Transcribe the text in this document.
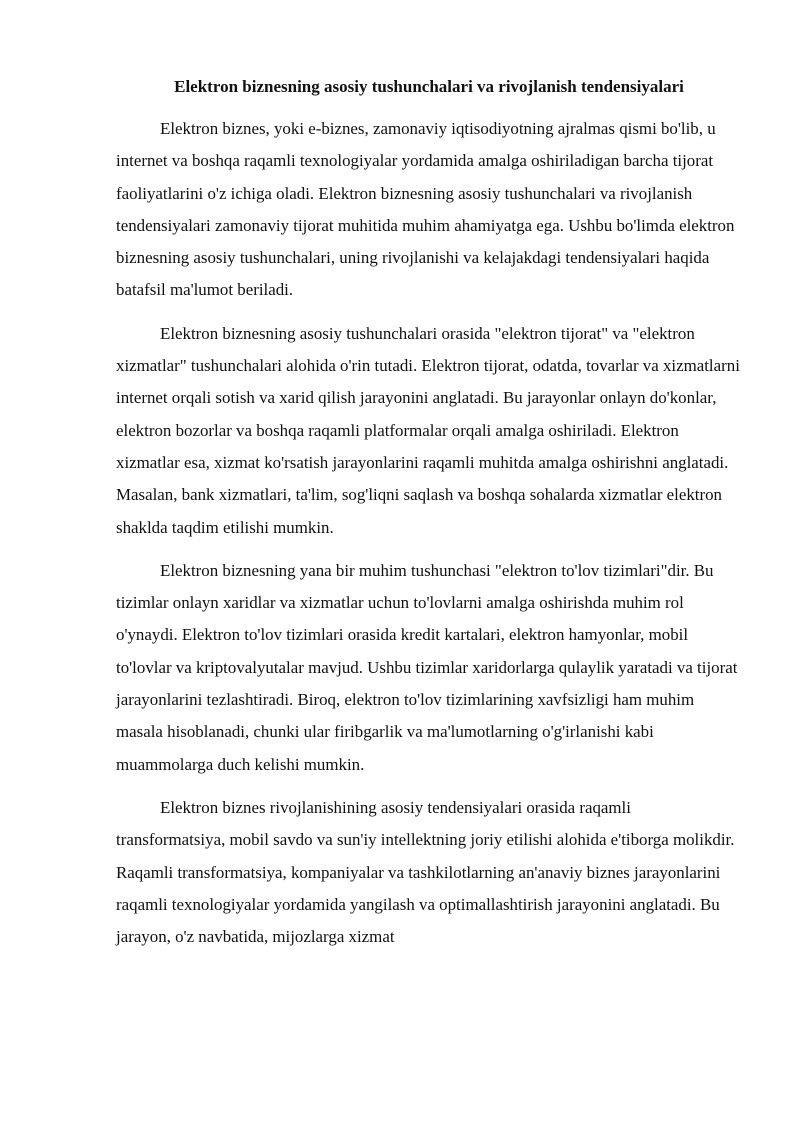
Elektron biznesning asosiy tushunchalari va rivojlanish tendensiyalari

Elektron biznes, yoki e-biznes, zamonaviy iqtisodiyotning ajralmas qismi bo'lib, u internet va boshqa raqamli texnologiyalar yordamida amalga oshiriladigan barcha tijorat faoliyatlarini o'z ichiga oladi. Elektron biznesning asosiy tushunchalari va rivojlanish tendensiyalari zamonaviy tijorat muhitida muhim ahamiyatga ega. Ushbu bo'limda elektron biznesning asosiy tushunchalari, uning rivojlanishi va kelajakdagi tendensiyalari haqida batafsil ma'lumot beriladi.

Elektron biznesning asosiy tushunchalari orasida "elektron tijorat" va "elektron xizmatlar" tushunchalari alohida o'rin tutadi. Elektron tijorat, odatda, tovarlar va xizmatlarni internet orqali sotish va xarid qilish jarayonini anglatadi. Bu jarayonlar onlayn do'konlar, elektron bozorlar va boshqa raqamli platformalar orqali amalga oshiriladi. Elektron xizmatlar esa, xizmat ko'rsatish jarayonlarini raqamli muhitda amalga oshirishni anglatadi. Masalan, bank xizmatlari, ta'lim, sog'liqni saqlash va boshqa sohalarda xizmatlar elektron shaklda taqdim etilishi mumkin.

Elektron biznesning yana bir muhim tushunchasi "elektron to'lov tizimlari"dir. Bu tizimlar onlayn xaridlar va xizmatlar uchun to'lovlarni amalga oshirishda muhim rol o'ynaydi. Elektron to'lov tizimlari orasida kredit kartalari, elektron hamyonlar, mobil to'lovlar va kriptovalyutalar mavjud. Ushbu tizimlar xaridorlarga qulaylik yaratadi va tijorat jarayonlarini tezlashtiradi. Biroq, elektron to'lov tizimlarining xavfsizligi ham muhim masala hisoblanadi, chunki ular firibgarlik va ma'lumotlarning o'g'irlanishi kabi muammolarga duch kelishi mumkin.

Elektron biznes rivojlanishining asosiy tendensiyalari orasida raqamli transformatsiya, mobil savdo va sun'iy intellektning joriy etilishi alohida e'tiborga molikdir. Raqamli transformatsiya, kompaniyalar va tashkilotlarning an'anaviy biznes jarayonlarini raqamli texnologiyalar yordamida yangilash va optimallashtirish jarayonini anglatadi. Bu jarayon, o'z navbatida, mijozlarga xizmat
